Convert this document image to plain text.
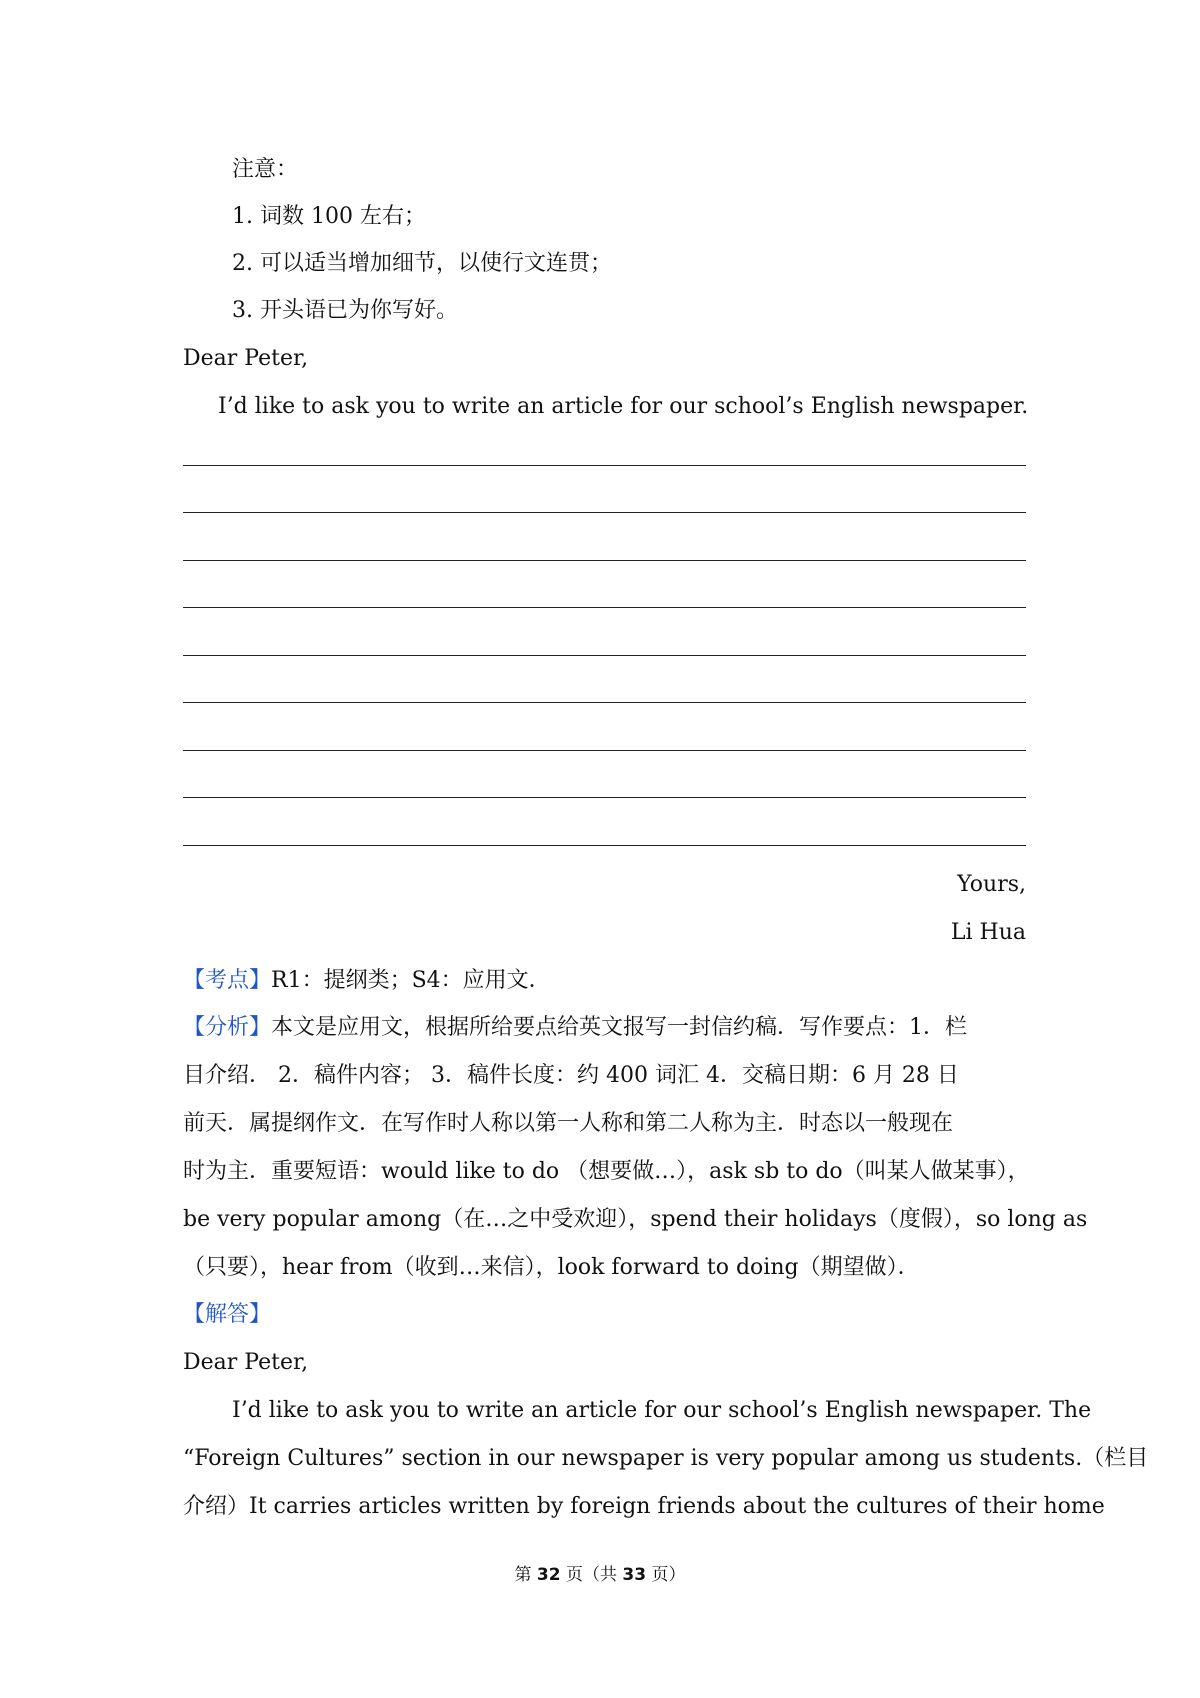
注意：
1. 词数 100 左右；
2. 可以适当增加细节，以使行文连贯；
3. 开头语已为你写好。
Dear Peter,
I’d like to ask you to write an article for our school’s English newspaper.
Yours,
Li Hua
【考点】R1：提纲类；S4：应用文．
【分析】本文是应用文，根据所给要点给英文报写一封信约稿．写作要点：1．栏
目介绍． 2．稿件内容； 3．稿件长度：约 400 词汇 4．交稿日期：6 月 28 日
前天．属提纲作文．在写作时人称以第一人称和第二人称为主．时态以一般现在
时为主．重要短语：would like to do （想要做…），ask sb to do（叫某人做某事），
be very popular among（在…之中受欢迎），spend their holidays（度假），so long as
（只要），hear from（收到…来信），look forward to doing（期望做）．
【解答】
Dear Peter,
I’d like to ask you to write an article for our school’s English newspaper. The
“Foreign Cultures” section in our newspaper is very popular among us students.（栏目
介绍）It carries articles written by foreign friends about the cultures of their home
第 32 页（共 33 页）
